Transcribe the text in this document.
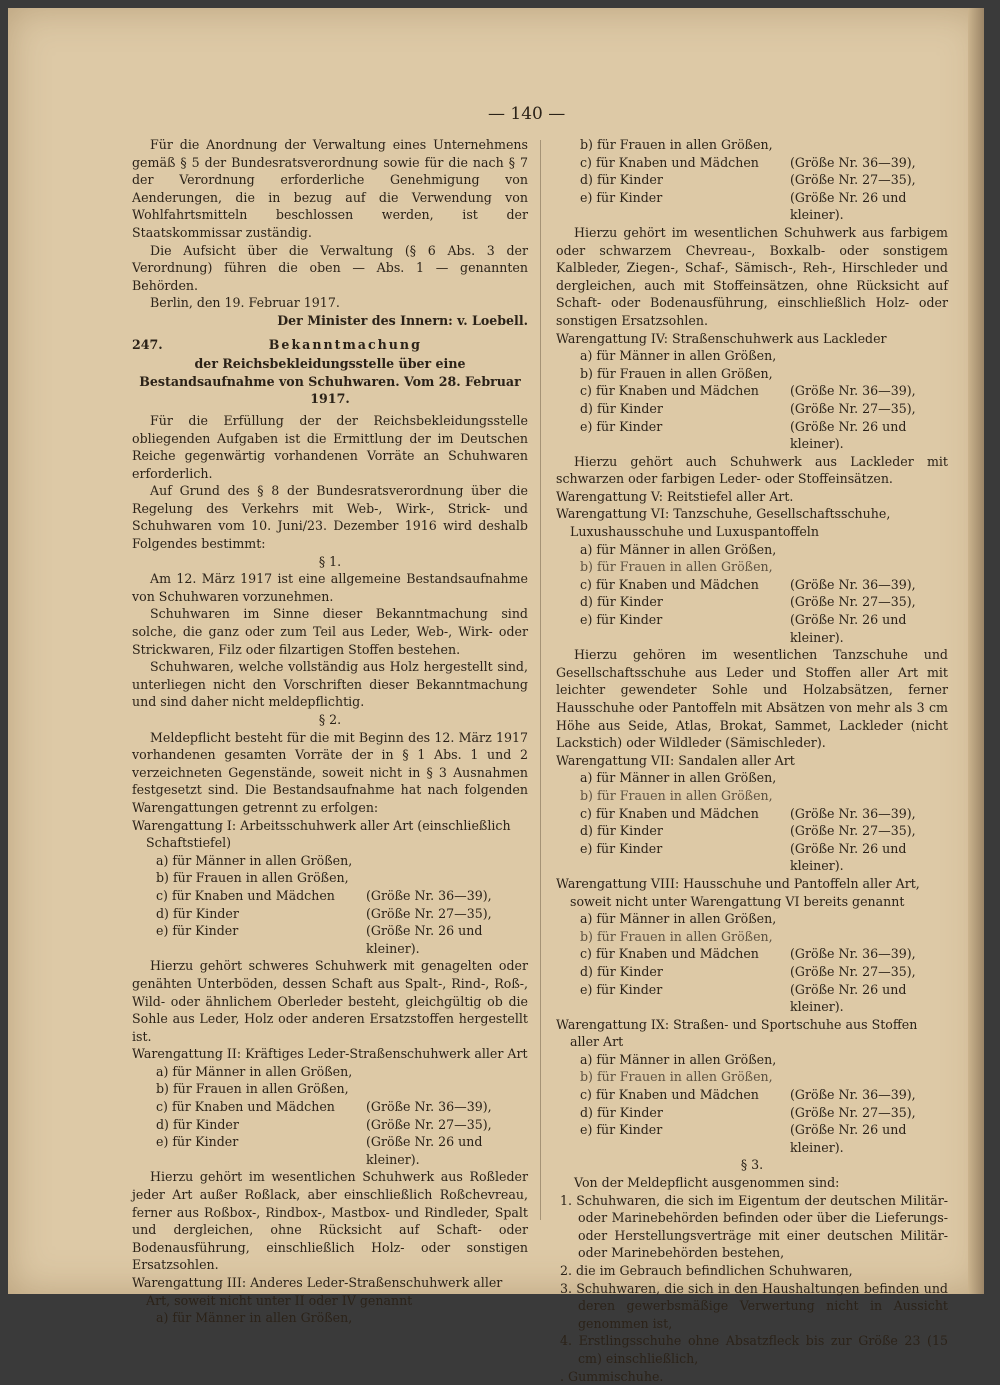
— 140 —

Für die Anordnung der Verwaltung eines Unternehmens gemäß § 5 der Bundesratsverordnung sowie für die nach § 7 der Verordnung erforderliche Genehmigung von Aenderungen, die in bezug auf die Verwendung von Wohlfahrtsmitteln beschlossen werden, ist der Staatskommissar zuständig.

Die Aufsicht über die Verwaltung (§ 6 Abs. 3 der Verordnung) führen die oben — Abs. 1 — genannten Behörden.

Berlin, den 19. Februar 1917.

Der Minister des Innern: v. Loebell.

247.	Bekanntmachung

der Reichsbekleidungsstelle über eine Bestandsaufnahme von Schuhwaren. Vom 28. Februar 1917.

Für die Erfüllung der der Reichsbekleidungsstelle obliegenden Aufgaben ist die Ermittlung der im Deutschen Reiche gegenwärtig vorhandenen Vorräte an Schuhwaren erforderlich.

Auf Grund des § 8 der Bundesratsverordnung über die Regelung des Verkehrs mit Web-, Wirk-, Strick- und Schuhwaren vom 10. Juni/23. Dezember 1916 wird deshalb Folgendes bestimmt:

§ 1.

Am 12. März 1917 ist eine allgemeine Bestandsaufnahme von Schuhwaren vorzunehmen.

Schuhwaren im Sinne dieser Bekanntmachung sind solche, die ganz oder zum Teil aus Leder, Web-, Wirk- oder Strickwaren, Filz oder filzartigen Stoffen bestehen.

Schuhwaren, welche vollständig aus Holz hergestellt sind, unterliegen nicht den Vorschriften dieser Bekanntmachung und sind daher nicht meldepflichtig.

§ 2.

Meldepflicht besteht für die mit Beginn des 12. März 1917 vorhandenen gesamten Vorräte der in § 1 Abs. 1 und 2 verzeichneten Gegenstände, soweit nicht in § 3 Ausnahmen festgesetzt sind. Die Bestandsaufnahme hat nach folgenden Warengattungen getrennt zu erfolgen:

Warengattung I: Arbeitsschuhwerk aller Art (einschließlich Schaftstiefel)

a) für Männer in allen Größen,

b) für Frauen in allen Größen,

c) für Knaben und Mädchen	(Größe Nr. 36—39),

d) für Kinder	(Größe Nr. 27—35),

e) für Kinder	(Größe Nr. 26 und kleiner).

Hierzu gehört schweres Schuhwerk mit genagelten oder genähten Unterböden, dessen Schaft aus Spalt-, Rind-, Roß-, Wild- oder ähnlichem Oberleder besteht, gleichgültig ob die Sohle aus Leder, Holz oder anderen Ersatzstoffen hergestellt ist.

Warengattung II: Kräftiges Leder-Straßenschuhwerk aller Art

a) für Männer in allen Größen,

b) für Frauen in allen Größen,

c) für Knaben und Mädchen	(Größe Nr. 36—39),

d) für Kinder	(Größe Nr. 27—35),

e) für Kinder	(Größe Nr. 26 und kleiner).

Hierzu gehört im wesentlichen Schuhwerk aus Roßleder jeder Art außer Roßlack, aber einschließlich Roßchevreau, ferner aus Roßbox-, Rindbox-, Mastbox- und Rindleder, Spalt und dergleichen, ohne Rücksicht auf Schaft- oder Bodenausführung, einschließlich Holz- oder sonstigen Ersatzsohlen.

Warengattung III: Anderes Leder-Straßenschuhwerk aller Art, soweit nicht unter II oder IV genannt

a) für Männer in allen Größen,

b) für Frauen in allen Größen,

c) für Knaben und Mädchen	(Größe Nr. 36—39),

d) für Kinder	(Größe Nr. 27—35),

e) für Kinder	(Größe Nr. 26 und kleiner).

Hierzu gehört im wesentlichen Schuhwerk aus farbigem oder schwarzem Chevreau-, Boxkalb- oder sonstigem Kalbleder, Ziegen-, Schaf-, Sämisch-, Reh-, Hirschleder und dergleichen, auch mit Stoffeinsätzen, ohne Rücksicht auf Schaft- oder Bodenausführung, einschließlich Holz- oder sonstigen Ersatzsohlen.

Warengattung IV: Straßenschuhwerk aus Lackleder

a) für Männer in allen Größen,

b) für Frauen in allen Größen,

c) für Knaben und Mädchen	(Größe Nr. 36—39),

d) für Kinder	(Größe Nr. 27—35),

e) für Kinder	(Größe Nr. 26 und kleiner).

Hierzu gehört auch Schuhwerk aus Lackleder mit schwarzen oder farbigen Leder- oder Stoffeinsätzen.

Warengattung V: Reitstiefel aller Art.

Warengattung VI: Tanzschuhe, Gesellschaftsschuhe, Luxushausschuhe und Luxuspantoffeln

a) für Männer in allen Größen,

b) für Frauen in allen Größen,

c) für Knaben und Mädchen	(Größe Nr. 36—39),

d) für Kinder	(Größe Nr. 27—35),

e) für Kinder	(Größe Nr. 26 und kleiner).

Hierzu gehören im wesentlichen Tanzschuhe und Gesellschaftsschuhe aus Leder und Stoffen aller Art mit leichter gewendeter Sohle und Holzabsätzen, ferner Hausschuhe oder Pantoffeln mit Absätzen von mehr als 3 cm Höhe aus Seide, Atlas, Brokat, Sammet, Lackleder (nicht Lackstich) oder Wildleder (Sämischleder).

Warengattung VII: Sandalen aller Art

a) für Männer in allen Größen,

b) für Frauen in allen Größen,

c) für Knaben und Mädchen	(Größe Nr. 36—39),

d) für Kinder	(Größe Nr. 27—35),

e) für Kinder	(Größe Nr. 26 und kleiner).

Warengattung VIII: Hausschuhe und Pantoffeln aller Art, soweit nicht unter Warengattung VI bereits genannt

a) für Männer in allen Größen,

b) für Frauen in allen Größen,

c) für Knaben und Mädchen	(Größe Nr. 36—39),

d) für Kinder	(Größe Nr. 27—35),

e) für Kinder	(Größe Nr. 26 und kleiner).

Warengattung IX: Straßen- und Sportschuhe aus Stoffen aller Art

a) für Männer in allen Größen,

b) für Frauen in allen Größen,

c) für Knaben und Mädchen	(Größe Nr. 36—39),

d) für Kinder	(Größe Nr. 27—35),

e) für Kinder	(Größe Nr. 26 und kleiner).

§ 3.

Von der Meldepflicht ausgenommen sind:

1. Schuhwaren, die sich im Eigentum der deutschen Militär- oder Marinebehörden befinden oder über die Lieferungs- oder Herstellungsverträge mit einer deutschen Militär- oder Marinebehörden bestehen,

2. die im Gebrauch befindlichen Schuhwaren,

3. Schuhwaren, die sich in den Haushaltungen befinden und deren gewerbsmäßige Verwertung nicht in Aussicht genommen ist,

4. Erstlingsschuhe ohne Absatzfleck bis zur Größe 23 (15 cm) einschließlich,

. Gummischuhe.
